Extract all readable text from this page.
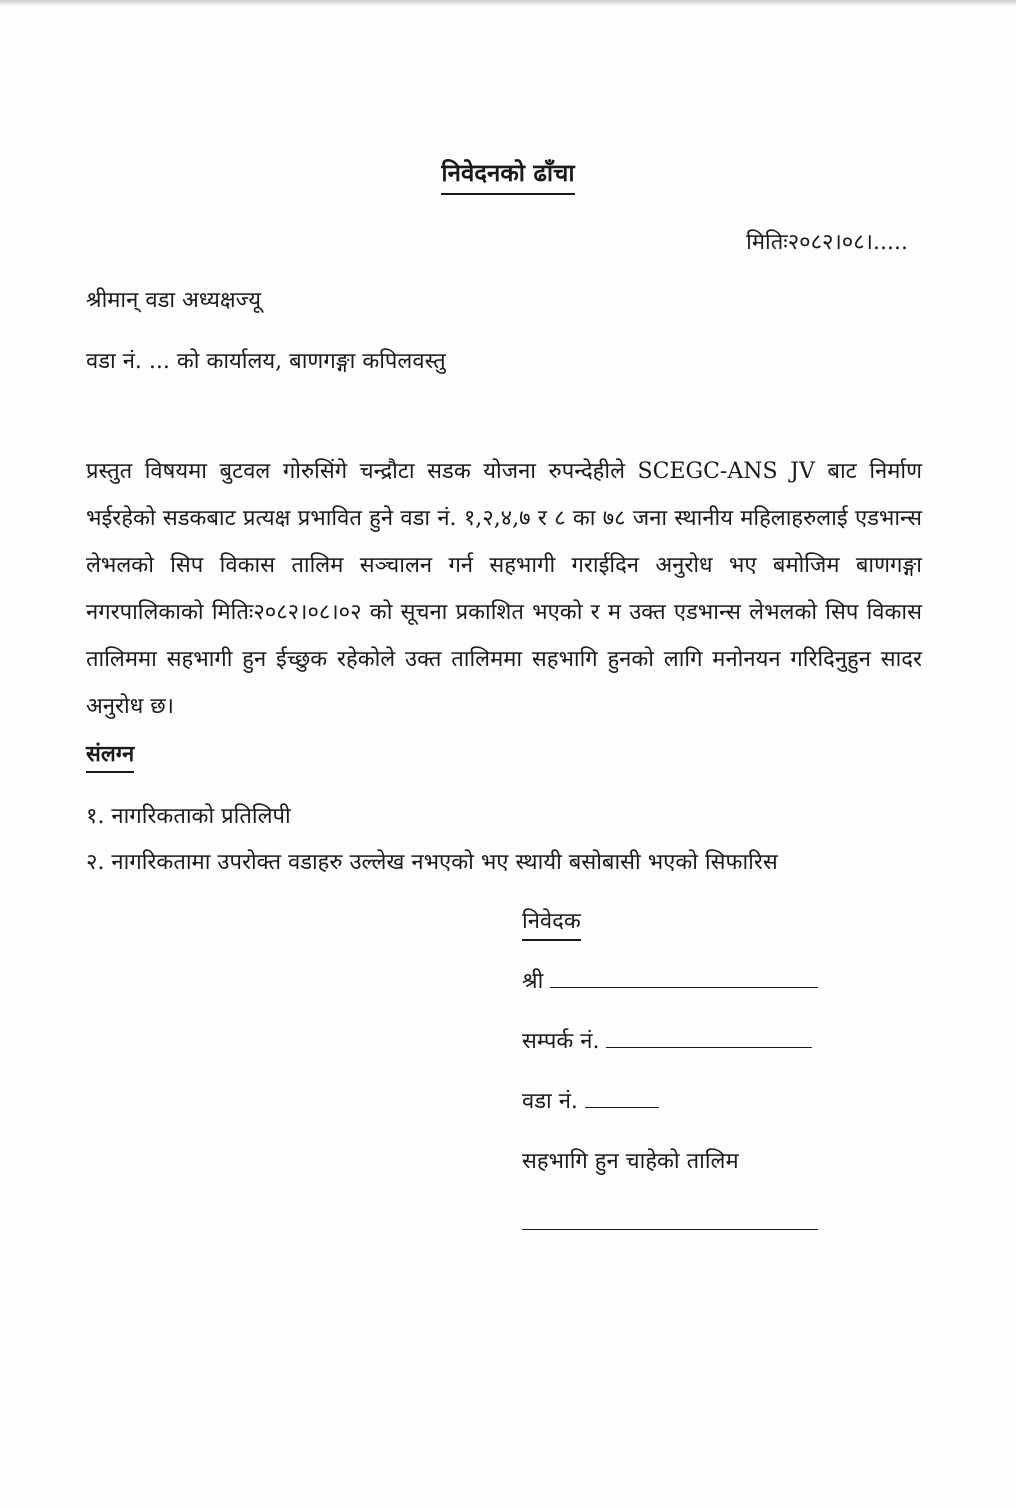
निवेदनको ढाँचा
मितिः२०८२।०८।.....
श्रीमान् वडा अध्यक्षज्यू
वडा नं. ... को कार्यालय, बाणगङ्गा कपिलवस्तु
प्रस्तुत विषयमा बुटवल गोरुसिंगे चन्द्रौटा सडक योजना रुपन्देहीले SCEGC-ANS JV बाट निर्माण भईरहेको सडकबाट प्रत्यक्ष प्रभावित हुने वडा नं. १,२,४,७ र ८ का ७८ जना स्थानीय महिलाहरुलाई एडभान्स लेभलको सिप विकास तालिम सञ्चालन गर्न सहभागी गराईदिन अनुरोध भए बमोजिम बाणगङ्गा नगरपालिकाको मितिः२०८२।०८।०२ को सूचना प्रकाशित भएको र म उक्त एडभान्स लेभलको सिप विकास तालिममा सहभागी हुन ईच्छुक रहेकोले उक्त तालिममा सहभागि हुनको लागि मनोनयन गरिदिनुहुन सादर अनुरोध छ।
संलग्न
१. नागरिकताको प्रतिलिपी
२. नागरिकतामा उपरोक्त वडाहरु उल्लेख नभएको भए स्थायी बसोबासी भएको सिफारिस
निवेदक
श्री
सम्पर्क नं.
वडा नं.
सहभागि हुन चाहेको तालिम
